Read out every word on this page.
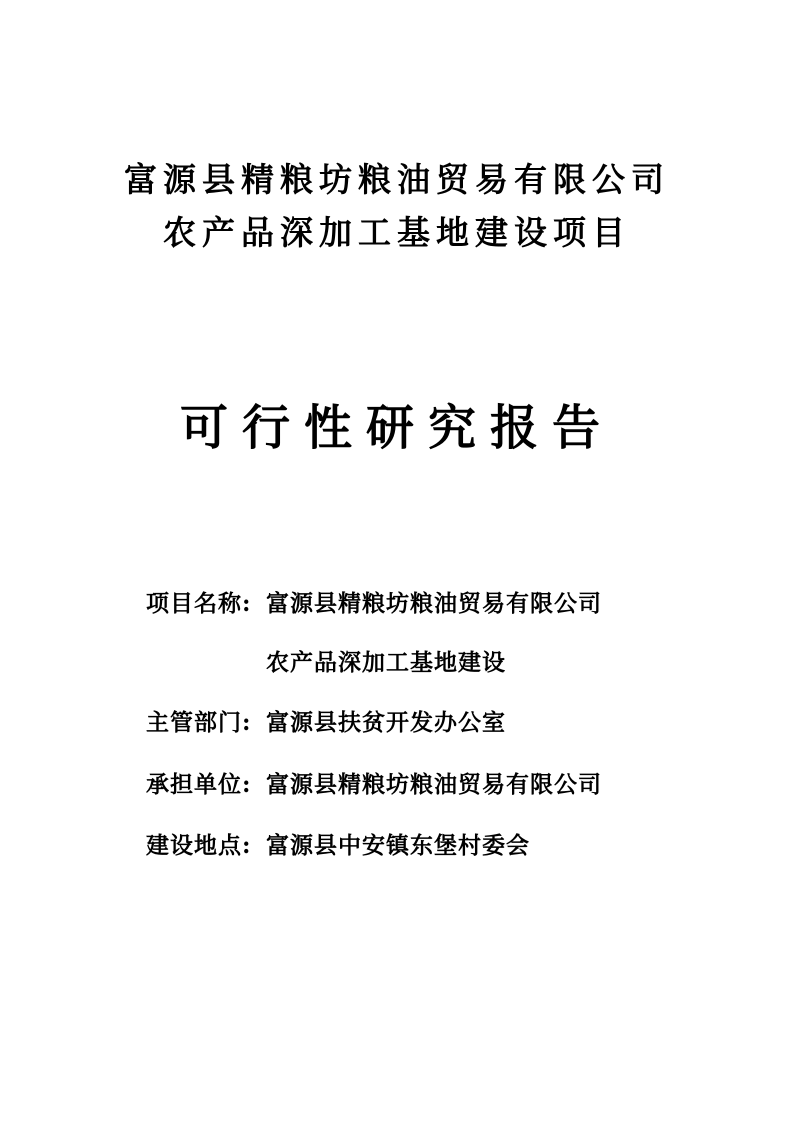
富源县精粮坊粮油贸易有限公司
农产品深加工基地建设项目
可行性研究报告
项目名称: 富源县精粮坊粮油贸易有限公司
农产品深加工基地建设
主管部门: 富源县扶贫开发办公室
承担单位: 富源县精粮坊粮油贸易有限公司
建设地点: 富源县中安镇东堡村委会
